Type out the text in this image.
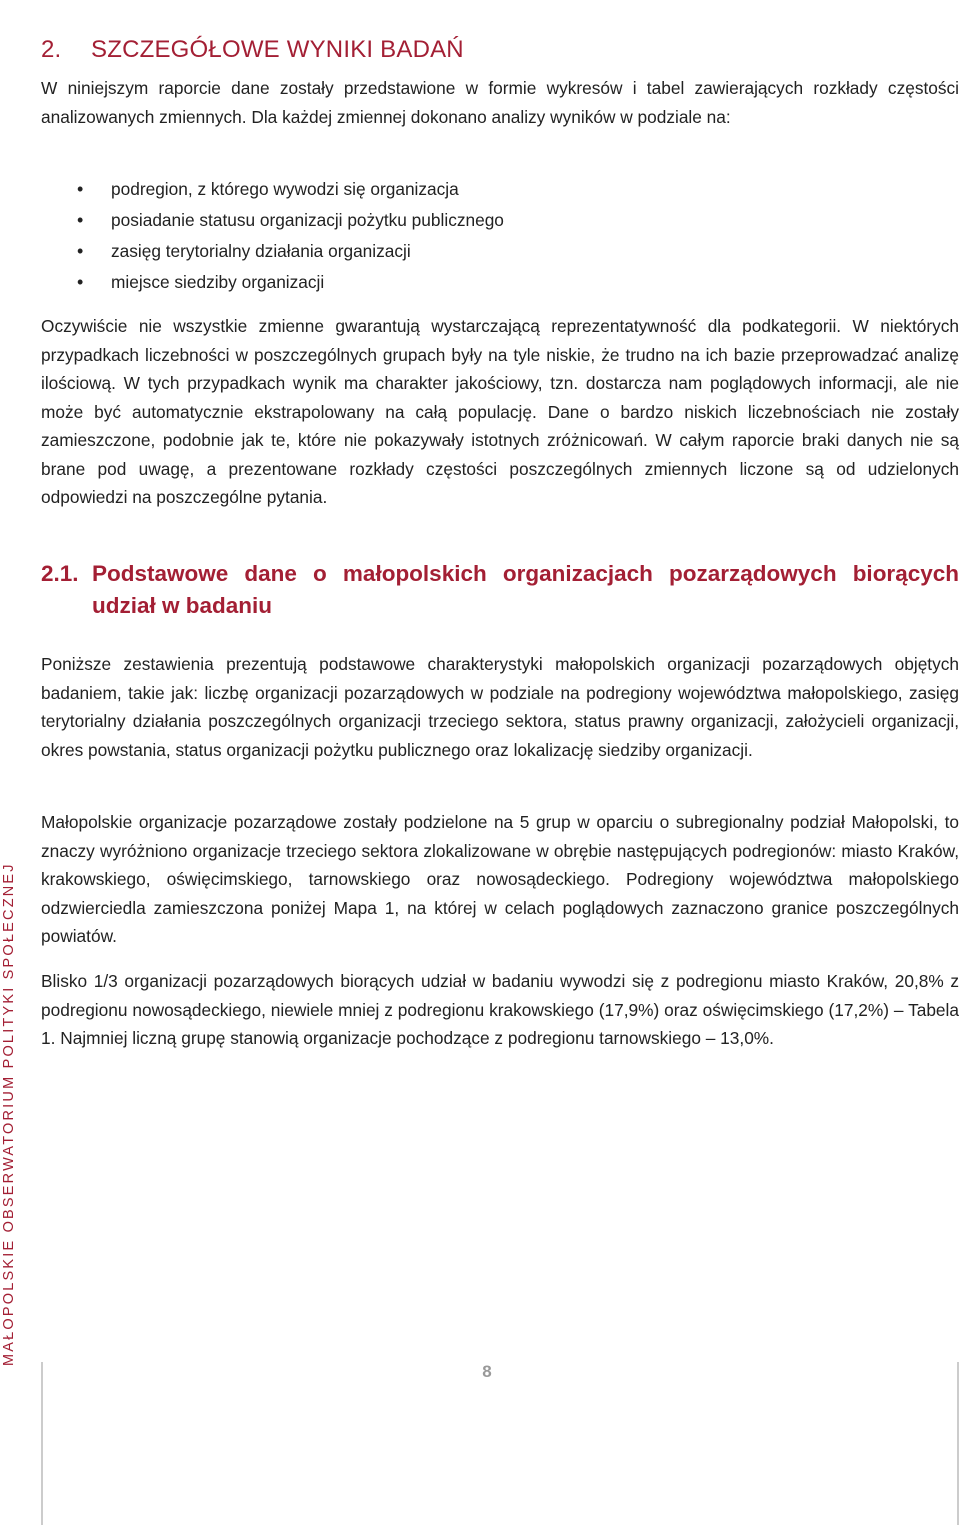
2. SZCZEGÓŁOWE WYNIKI BADAŃ

W niniejszym raporcie dane zostały przedstawione w formie wykresów i tabel zawierających rozkłady częstości analizowanych zmiennych. Dla każdej zmiennej dokonano analizy wyników w podziale na:

• podregion, z którego wywodzi się organizacja
• posiadanie statusu organizacji pożytku publicznego
• zasięg terytorialny działania organizacji
• miejsce siedziby organizacji

Oczywiście nie wszystkie zmienne gwarantują wystarczającą reprezentatywność dla podkategorii. W niektórych przypadkach liczebności w poszczególnych grupach były na tyle niskie, że trudno na ich bazie przeprowadzać analizę ilościową. W tych przypadkach wynik ma charakter jakościowy, tzn. dostarcza nam poglądowych informacji, ale nie może być automatycznie ekstrapolowany na całą populację. Dane o bardzo niskich liczebnościach nie zostały zamieszczone, podobnie jak te, które nie pokazywały istotnych zróżnicowań. W całym raporcie braki danych nie są brane pod uwagę, a prezentowane rozkłady częstości poszczególnych zmiennych liczone są od udzielonych odpowiedzi na poszczególne pytania.

2.1. Podstawowe dane o małopolskich organizacjach pozarządowych biorących udział w badaniu

Poniższe zestawienia prezentują podstawowe charakterystyki małopolskich organizacji pozarządowych objętych badaniem, takie jak: liczbę organizacji pozarządowych w podziale na podregiony województwa małopolskiego, zasięg terytorialny działania poszczególnych organizacji trzeciego sektora, status prawny organizacji, założycieli organizacji, okres powstania, status organizacji pożytku publicznego oraz lokalizację siedziby organizacji.

Małopolskie organizacje pozarządowe zostały podzielone na 5 grup w oparciu o subregionalny podział Małopolski, to znaczy wyróżniono organizacje trzeciego sektora zlokalizowane w obrębie następujących podregionów: miasto Kraków, krakowskiego, oświęcimskiego, tarnowskiego oraz nowosądeckiego. Podregiony województwa małopolskiego odzwierciedla zamieszczona poniżej Mapa 1, na której w celach poglądowych zaznaczono granice poszczególnych powiatów.

Blisko 1/3 organizacji pozarządowych biorących udział w badaniu wywodzi się z podregionu miasto Kraków, 20,8% z podregionu nowosądeckiego, niewiele mniej z podregionu krakowskiego (17,9%) oraz oświęcimskiego (17,2%) – Tabela 1. Najmniej liczną grupę stanowią organizacje pochodzące z podregionu tarnowskiego – 13,0%.

MAŁOPOLSKIE OBSERWATORIUM POLITYKI SPOŁECZNEJ
8
